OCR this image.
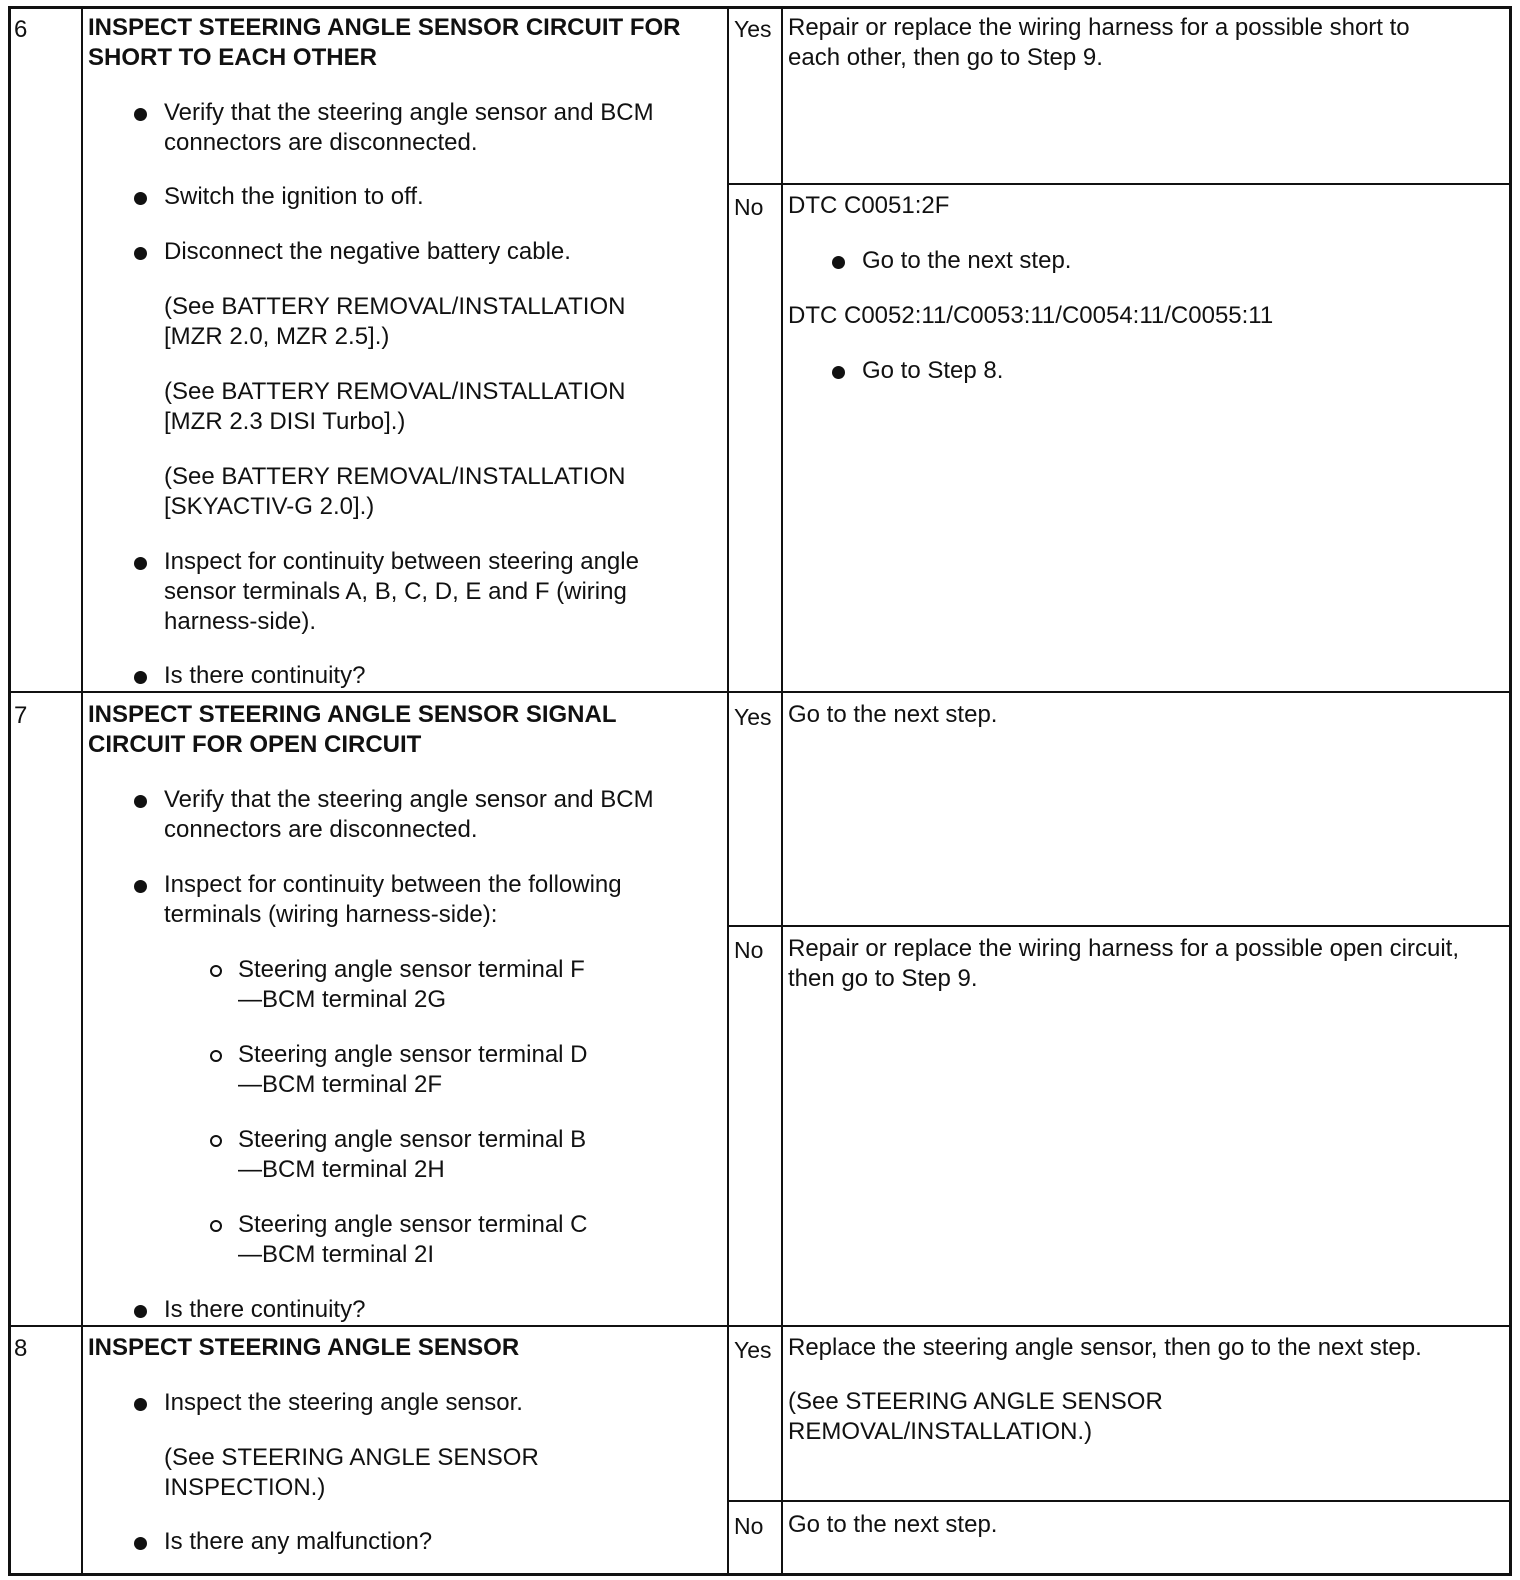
6	INSPECT STEERING ANGLE SENSOR CIRCUIT FOR
SHORT TO EACH OTHER
Verify that the steering angle sensor and BCM connectors are disconnected.
Switch the ignition to off.
Disconnect the negative battery cable.
(See BATTERY REMOVAL/INSTALLATION [MZR 2.0, MZR 2.5].)
(See BATTERY REMOVAL/INSTALLATION [MZR 2.3 DISI Turbo].)
(See BATTERY REMOVAL/INSTALLATION [SKYACTIV-G 2.0].)
Inspect for continuity between steering angle sensor terminals A, B, C, D, E and F (wiring harness-side).
Is there continuity?
Yes Repair or replace the wiring harness for a possible short to each other, then go to Step 9.
No	DTC C0051:2F
Go to the next step.
DTC C0052:11/C0053:11/C0054:11/C0055:11
Go to Step 8.
7	INSPECT STEERING ANGLE SENSOR SIGNAL
CIRCUIT FOR OPEN CIRCUIT
Verify that the steering angle sensor and BCM connectors are disconnected.
Inspect for continuity between the following terminals (wiring harness-side):
Steering angle sensor terminal F—BCM terminal 2G
Steering angle sensor terminal D—BCM terminal 2F
Steering angle sensor terminal B—BCM terminal 2H
Steering angle sensor terminal C—BCM terminal 2I
Is there continuity?
Yes Go to the next step.
No	Repair or replace the wiring harness for a possible open circuit, then go to Step 9.
8	INSPECT STEERING ANGLE SENSOR
Inspect the steering angle sensor.
(See STEERING ANGLE SENSOR INSPECTION.)
Is there any malfunction?
Yes Replace the steering angle sensor, then go to the next step.
(See STEERING ANGLE SENSOR REMOVAL/INSTALLATION.)
No	Go to the next step.
